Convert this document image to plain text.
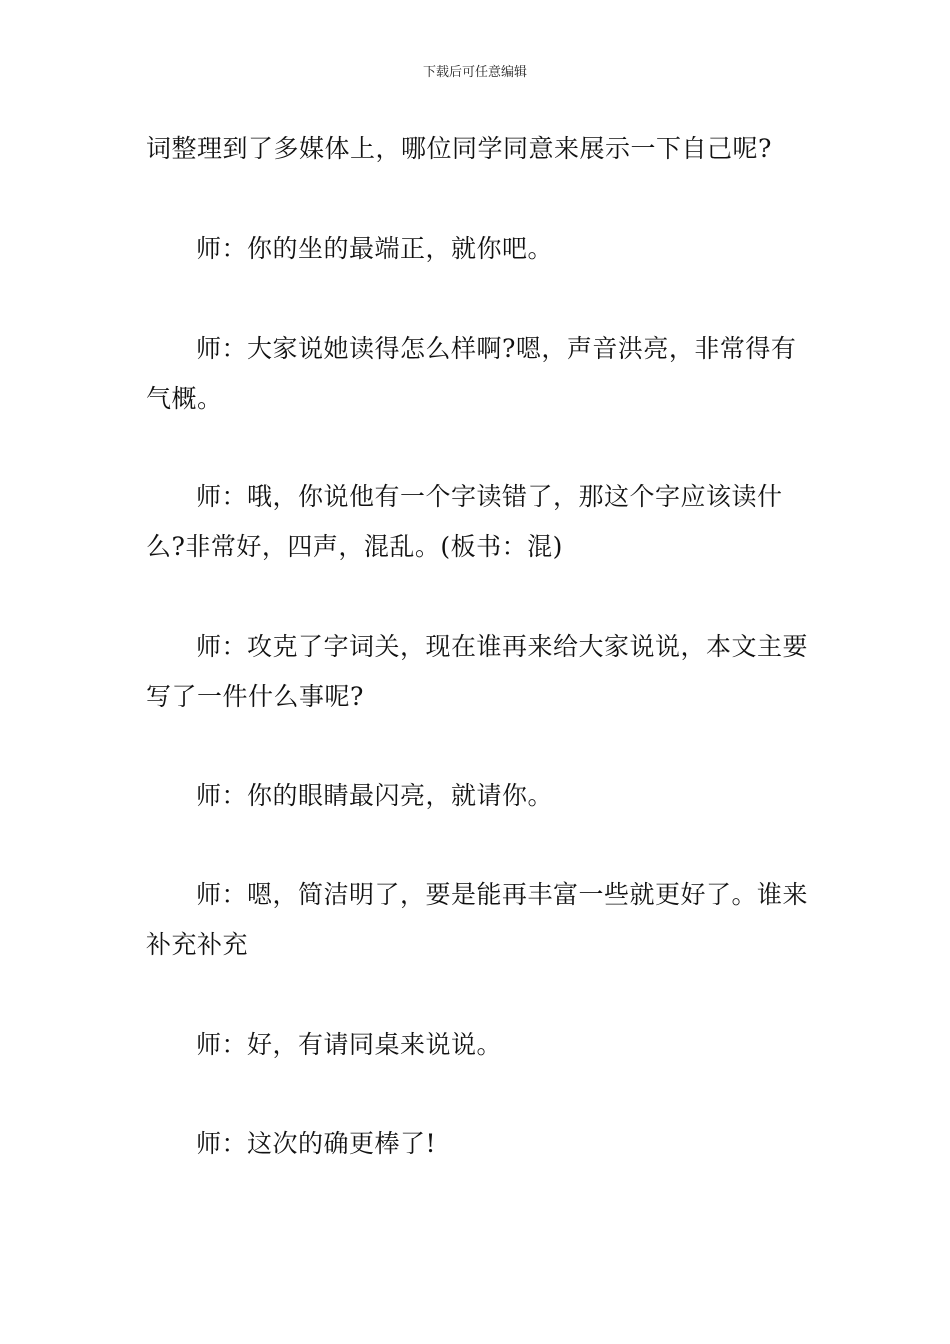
下载后可任意编辑

词整理到了多媒体上，哪位同学同意来展示一下自己呢?

师：你的坐的最端正，就你吧。

师：大家说她读得怎么样啊?嗯，声音洪亮，非常得有气概。

师：哦，你说他有一个字读错了，那这个字应该读什么?非常好，四声，混乱。(板书：混)

师：攻克了字词关，现在谁再来给大家说说，本文主要写了一件什么事呢?

师：你的眼睛最闪亮，就请你。

师：嗯，简洁明了，要是能再丰富一些就更好了。谁来补充补充

师：好，有请同桌来说说。

师：这次的确更棒了!
